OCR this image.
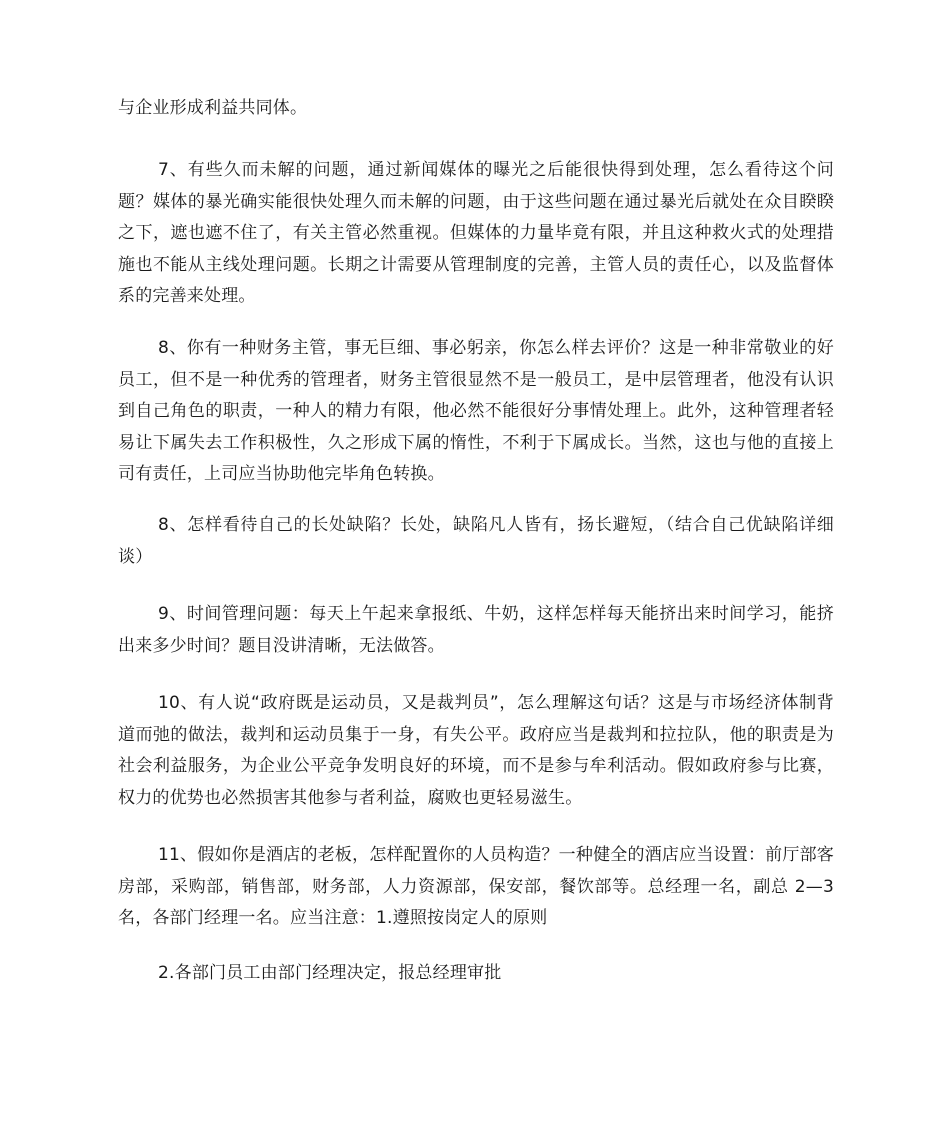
与企业形成利益共同体。

7、有些久而未解的问题，通过新闻媒体的曝光之后能很快得到处理，怎么看待这个问题？媒体的暴光确实能很快处理久而未解的问题，由于这些问题在通过暴光后就处在众目睽睽之下，遮也遮不住了，有关主管必然重视。但媒体的力量毕竟有限，并且这种救火式的处理措施也不能从主线处理问题。长期之计需要从管理制度的完善，主管人员的责任心，以及监督体系的完善来处理。

8、你有一种财务主管，事无巨细、事必躬亲，你怎么样去评价？这是一种非常敬业的好员工，但不是一种优秀的管理者，财务主管很显然不是一般员工，是中层管理者，他没有认识到自己角色的职责，一种人的精力有限，他必然不能很好分事情处理上。此外，这种管理者轻易让下属失去工作积极性，久之形成下属的惰性，不利于下属成长。当然，这也与他的直接上司有责任，上司应当协助他完毕角色转换。

8、怎样看待自己的长处缺陷？长处，缺陷凡人皆有，扬长避短，（结合自己优缺陷详细谈）

9、时间管理问题：每天上午起来拿报纸、牛奶，这样怎样每天能挤出来时间学习，能挤出来多少时间？题目没讲清晰，无法做答。

10、有人说“政府既是运动员，又是裁判员”，怎么理解这句话？这是与市场经济体制背道而弛的做法，裁判和运动员集于一身，有失公平。政府应当是裁判和拉拉队，他的职责是为社会利益服务，为企业公平竞争发明良好的环境，而不是参与牟利活动。假如政府参与比赛，权力的优势也必然损害其他参与者利益，腐败也更轻易滋生。

11、假如你是酒店的老板，怎样配置你的人员构造？一种健全的酒店应当设置：前厅部客房部，采购部，销售部，财务部，人力资源部，保安部，餐饮部等。总经理一名，副总 2—3 名，各部门经理一名。应当注意：1.遵照按岗定人的原则

2.各部门员工由部门经理决定，报总经理审批
